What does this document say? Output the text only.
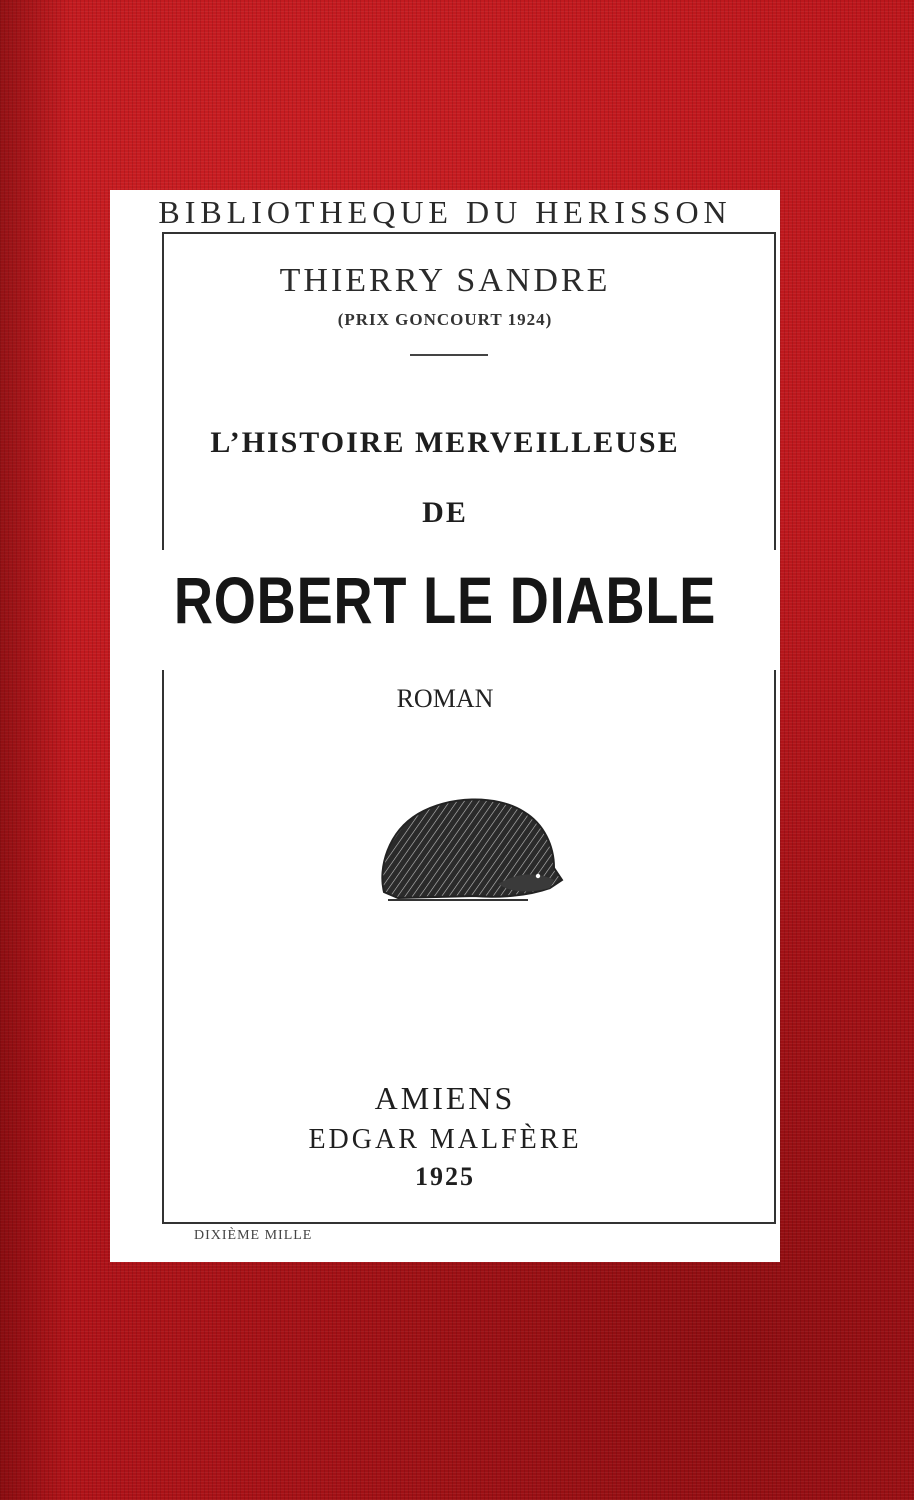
BIBLIOTHEQUE DU HERISSON
THIERRY SANDRE
(PRIX GONCOURT 1924)
L’HISTOIRE MERVEILLEUSE
DE
ROBERT LE DIABLE
ROMAN
AMIENS
EDGAR MALFÈRE
1925
DIXIÈME MILLE
